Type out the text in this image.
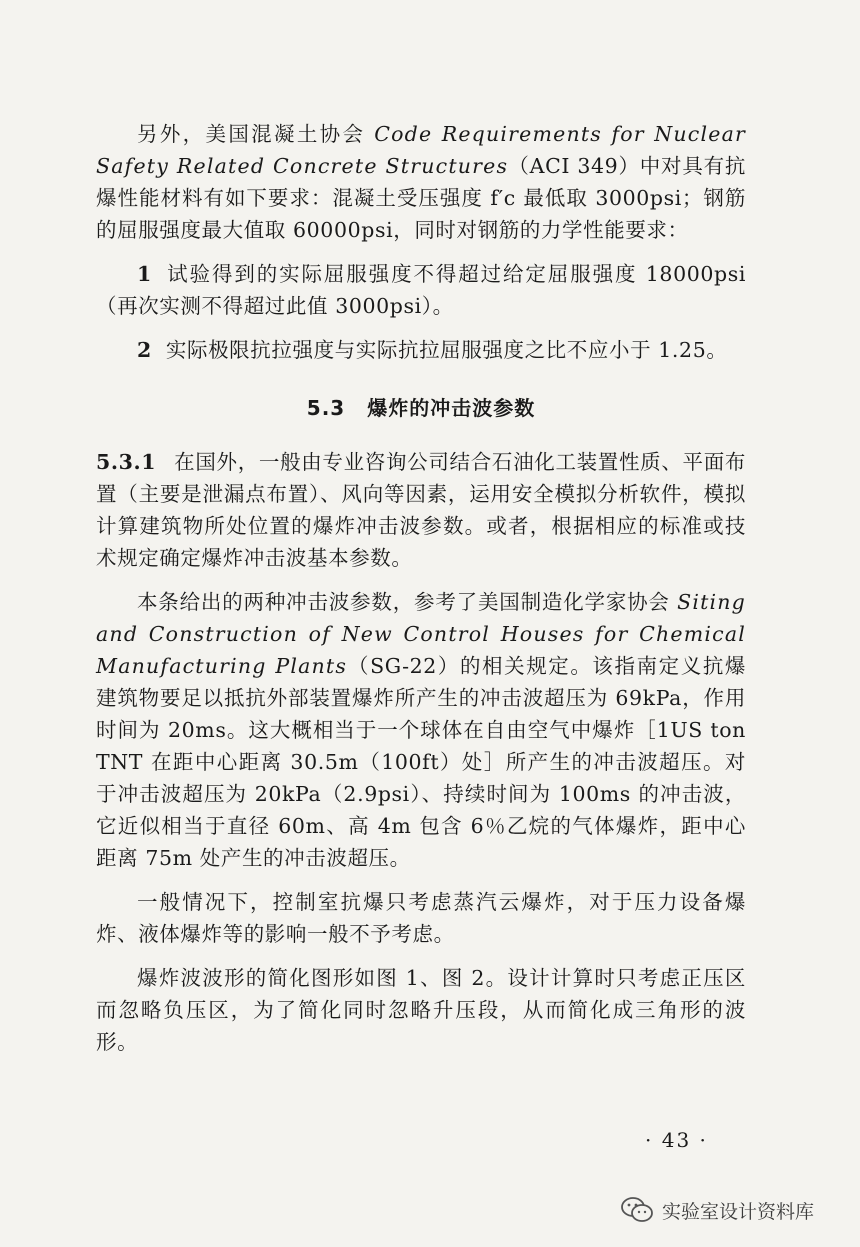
另外，美国混凝土协会 Code Requirements for Nuclear Safety Related Concrete Structures（ACI 349）中对具有抗爆性能材料有如下要求：混凝土受压强度 f′c 最低取 3000psi；钢筋的屈服强度最大值取 60000psi，同时对钢筋的力学性能要求：

1 试验得到的实际屈服强度不得超过给定屈服强度 18000psi（再次实测不得超过此值 3000psi）。

2 实际极限抗拉强度与实际抗拉屈服强度之比不应小于 1.25。

5.3 爆炸的冲击波参数

5.3.1 在国外，一般由专业咨询公司结合石油化工装置性质、平面布置（主要是泄漏点布置）、风向等因素，运用安全模拟分析软件，模拟计算建筑物所处位置的爆炸冲击波参数。或者，根据相应的标准或技术规定确定爆炸冲击波基本参数。

本条给出的两种冲击波参数，参考了美国制造化学家协会 Siting and Construction of New Control Houses for Chemical Manufacturing Plants（SG-22）的相关规定。该指南定义抗爆建筑物要足以抵抗外部装置爆炸所产生的冲击波超压为 69kPa，作用时间为 20ms。这大概相当于一个球体在自由空气中爆炸［1US ton TNT 在距中心距离 30.5m（100ft）处］所产生的冲击波超压。对于冲击波超压为 20kPa（2.9psi）、持续时间为 100ms 的冲击波，它近似相当于直径 60m、高 4m 包含 6％乙烷的气体爆炸，距中心距离 75m 处产生的冲击波超压。

一般情况下，控制室抗爆只考虑蒸汽云爆炸，对于压力设备爆炸、液体爆炸等的影响一般不予考虑。

爆炸波波形的简化图形如图 1、图 2。设计计算时只考虑正压区而忽略负压区，为了简化同时忽略升压段，从而简化成三角形的波形。

· 43 ·
实验室设计资料库
